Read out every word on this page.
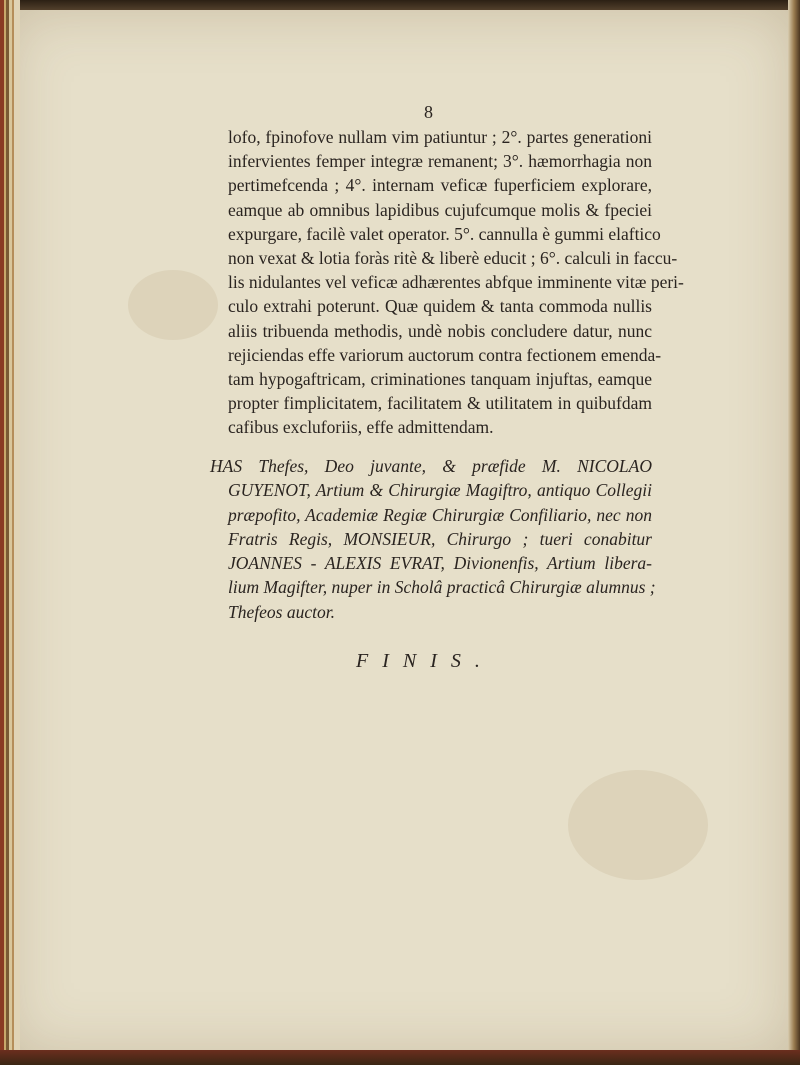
8
lofo, fpinofove nullam vim patiuntur ; 2°. partes generationi
infervientes femper integræ remanent; 3°. hæmorrhagia non
pertimefcenda ; 4°. internam veficæ fuperficiem explorare,
eamque ab omnibus lapidibus cujufcumque molis & fpeciei
expurgare, facilè valet operator. 5°. cannulla è gummi elaftico
non vexat & lotia foràs ritè & liberè educit ; 6°. calculi in faccu-
lis nidulantes vel veficæ adhærentes abfque imminente vitæ peri-
culo extrahi poterunt. Quæ quidem & tanta commoda nullis
aliis tribuenda methodis, undè nobis concludere datur, nunc
rejiciendas effe variorum auctorum contra fectionem emenda-
tam hypogaftricam, criminationes tanquam injuftas, eamque
propter fimplicitatem, facilitatem & utilitatem in quibufdam
cafibus excluforiis, effe admittendam.
HAS Thefes, Deo juvante, & præfide M. NICOLAO
GUYENOT, Artium & Chirurgiæ Magiftro, antiquo Collegii
præpofito, Academiæ Regiæ Chirurgiæ Confiliario, nec non
Fratris Regis, MONSIEUR, Chirurgo ; tueri conabitur
JOANNES - ALEXIS EVRAT, Divionenfis, Artium libera-
lium Magifter, nuper in Scholâ practicâ Chirurgiæ alumnus ;
Thefeos auctor.
FINIS.
